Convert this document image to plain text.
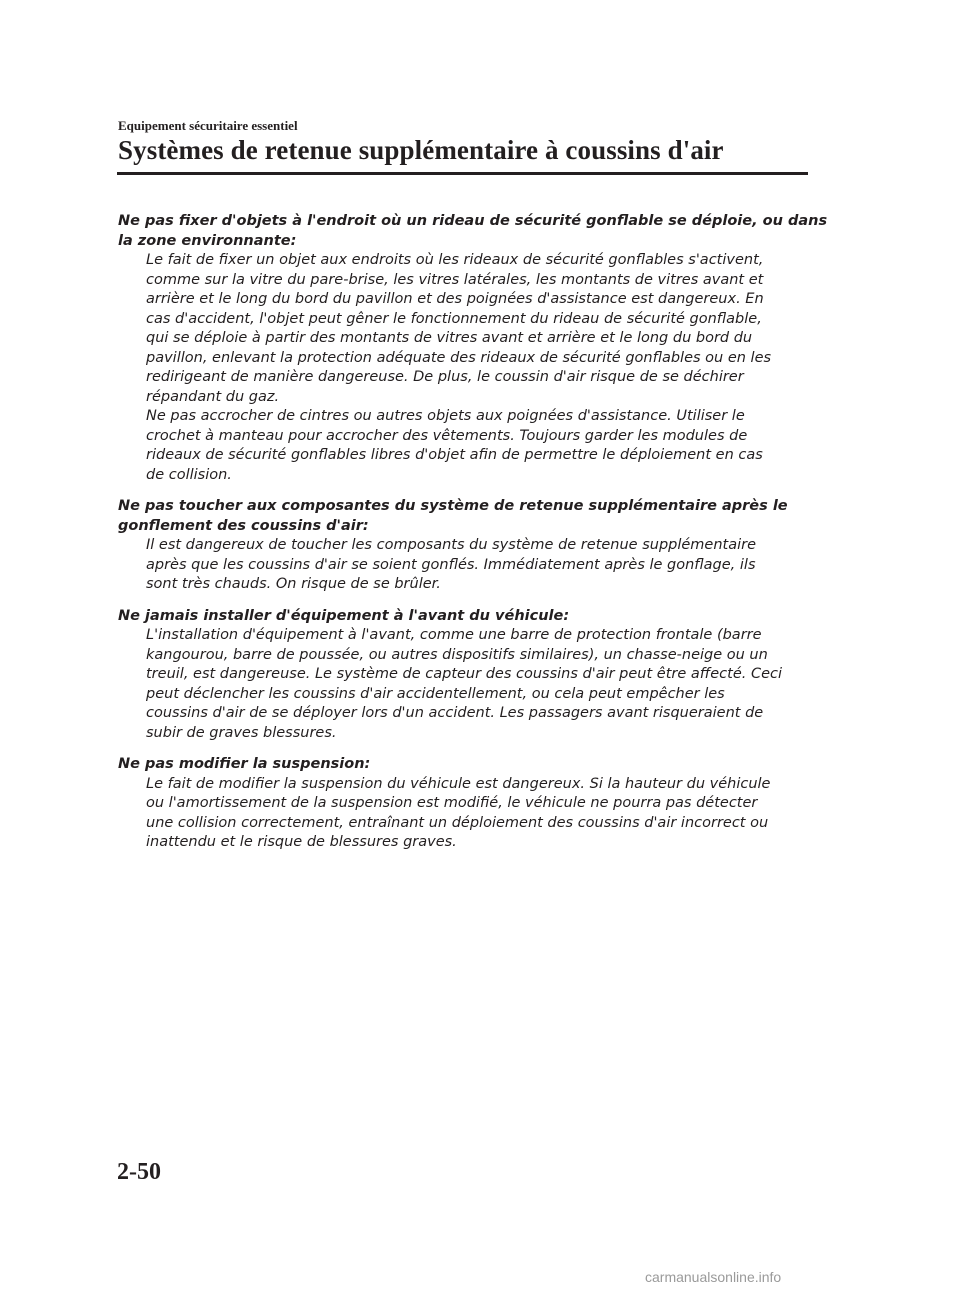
Equipement sécuritaire essentiel
Systèmes de retenue supplémentaire à coussins d'air
Ne pas fixer d'objets à l'endroit où un rideau de sécurité gonflable se déploie, ou dans
la zone environnante:
Le fait de fixer un objet aux endroits où les rideaux de sécurité gonflables s'activent,
comme sur la vitre du pare-brise, les vitres latérales, les montants de vitres avant et
arrière et le long du bord du pavillon et des poignées d'assistance est dangereux. En
cas d'accident, l'objet peut gêner le fonctionnement du rideau de sécurité gonflable,
qui se déploie à partir des montants de vitres avant et arrière et le long du bord du
pavillon, enlevant la protection adéquate des rideaux de sécurité gonflables ou en les
redirigeant de manière dangereuse. De plus, le coussin d'air risque de se déchirer
répandant du gaz.
Ne pas accrocher de cintres ou autres objets aux poignées d'assistance. Utiliser le
crochet à manteau pour accrocher des vêtements. Toujours garder les modules de
rideaux de sécurité gonflables libres d'objet afin de permettre le déploiement en cas
de collision.
Ne pas toucher aux composantes du système de retenue supplémentaire après le
gonflement des coussins d'air:
Il est dangereux de toucher les composants du système de retenue supplémentaire
après que les coussins d'air se soient gonflés. Immédiatement après le gonflage, ils
sont très chauds. On risque de se brûler.
Ne jamais installer d'équipement à l'avant du véhicule:
L'installation d'équipement à l'avant, comme une barre de protection frontale (barre
kangourou, barre de poussée, ou autres dispositifs similaires), un chasse-neige ou un
treuil, est dangereuse. Le système de capteur des coussins d'air peut être affecté. Ceci
peut déclencher les coussins d'air accidentellement, ou cela peut empêcher les
coussins d'air de se déployer lors d'un accident. Les passagers avant risqueraient de
subir de graves blessures.
Ne pas modifier la suspension:
Le fait de modifier la suspension du véhicule est dangereux. Si la hauteur du véhicule
ou l'amortissement de la suspension est modifié, le véhicule ne pourra pas détecter
une collision correctement, entraînant un déploiement des coussins d'air incorrect ou
inattendu et le risque de blessures graves.
2-50
carmanualsonline.info
